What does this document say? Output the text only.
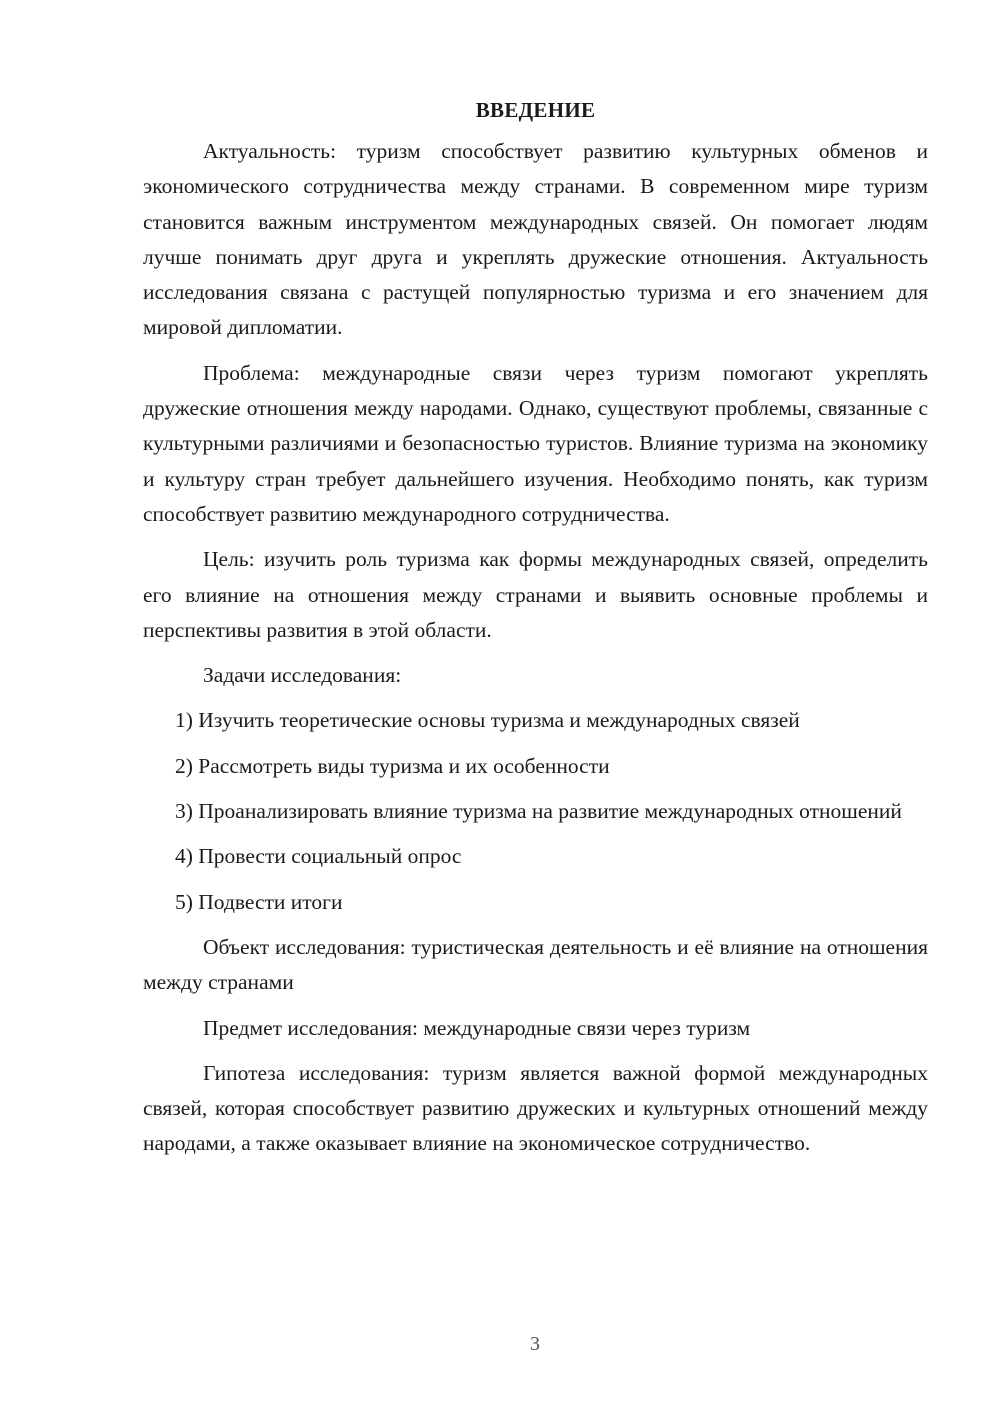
ВВЕДЕНИЕ

Актуальность: туризм способствует развитию культурных обменов и экономического сотрудничества между странами. В современном мире туризм становится важным инструментом международных связей. Он помогает людям лучше понимать друг друга и укреплять дружеские отношения. Актуальность исследования связана с растущей популярностью туризма и его значением для мировой дипломатии.

Проблема: международные связи через туризм помогают укреплять дружеские отношения между народами. Однако, существуют проблемы, связанные с культурными различиями и безопасностью туристов. Влияние туризма на экономику и культуру стран требует дальнейшего изучения. Необходимо понять, как туризм способствует развитию международного сотрудничества.

Цель: изучить роль туризма как формы международных связей, определить его влияние на отношения между странами и выявить основные проблемы и перспективы развития в этой области.

Задачи исследования:

1) Изучить теоретические основы туризма и международных связей

2) Рассмотреть виды туризма и их особенности

3) Проанализировать влияние туризма на развитие международных отношений

4) Провести социальный опрос

5) Подвести итоги

Объект исследования: туристическая деятельность и её влияние на отношения между странами

Предмет исследования: международные связи через туризм

Гипотеза исследования: туризм является важной формой международных связей, которая способствует развитию дружеских и культурных отношений между народами, а также оказывает влияние на экономическое сотрудничество.

3
